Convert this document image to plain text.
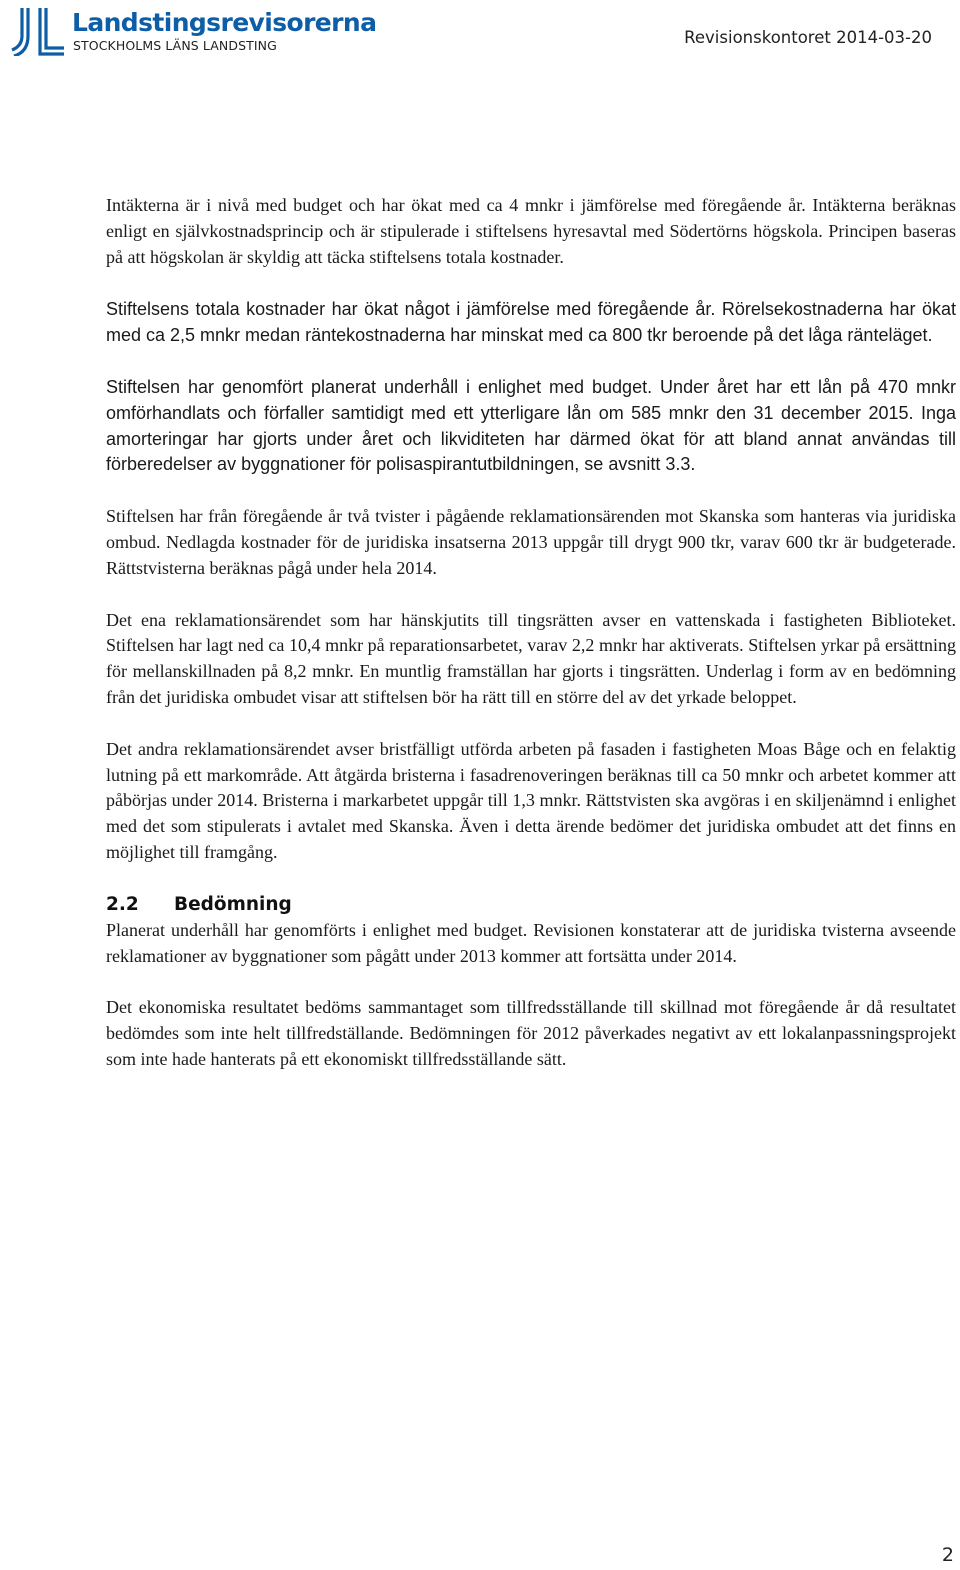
Landstingsrevisorerna
STOCKHOLMS LÄNS LANDSTING	Revisionskontoret 2014-03-20

Intäkterna är i nivå med budget och har ökat med ca 4 mnkr i jämförelse med föregående år. Intäkterna beräknas enligt en självkostnadsprincip och är stipulerade i stiftelsens hyresavtal med Södertörns högskola. Principen baseras på att högskolan är skyldig att täcka stiftelsens totala kostnader.

Stiftelsens totala kostnader har ökat något i jämförelse med föregående år. Rörelsekostnaderna har ökat med ca 2,5 mnkr medan räntekostnaderna har minskat med ca 800 tkr beroende på det låga ränteläget.

Stiftelsen har genomfört planerat underhåll i enlighet med budget. Under året har ett lån på 470 mnkr omförhandlats och förfaller samtidigt med ett ytterligare lån om 585 mnkr den 31 december 2015. Inga amorteringar har gjorts under året och likviditeten har därmed ökat för att bland annat användas till förberedelser av byggnationer för polisaspirantutbildningen, se avsnitt 3.3.

Stiftelsen har från föregående år två tvister i pågående reklamationsärenden mot Skanska som hanteras via juridiska ombud. Nedlagda kostnader för de juridiska insatserna 2013 uppgår till drygt 900 tkr, varav 600 tkr är budgeterade. Rättstvisterna beräknas pågå under hela 2014.

Det ena reklamationsärendet som har hänskjutits till tingsrätten avser en vattenskada i fastigheten Biblioteket. Stiftelsen har lagt ned ca 10,4 mnkr på reparationsarbetet, varav 2,2 mnkr har aktiverats. Stiftelsen yrkar på ersättning för mellanskillnaden på 8,2 mnkr. En muntlig framställan har gjorts i tingsrätten. Underlag i form av en bedömning från det juridiska ombudet visar att stiftelsen bör ha rätt till en större del av det yrkade beloppet.

Det andra reklamationsärendet avser bristfälligt utförda arbeten på fasaden i fastigheten Moas Båge och en felaktig lutning på ett markområde. Att åtgärda bristerna i fasadrenoveringen beräknas till ca 50 mnkr och arbetet kommer att påbörjas under 2014. Bristerna i markarbetet uppgår till 1,3 mnkr. Rättstvisten ska avgöras i en skiljenämnd i enlighet med det som stipulerats i avtalet med Skanska. Även i detta ärende bedömer det juridiska ombudet att det finns en möjlighet till framgång.

2.2 Bedömning

Planerat underhåll har genomförts i enlighet med budget. Revisionen konstaterar att de juridiska tvisterna avseende reklamationer av byggnationer som pågått under 2013 kommer att fortsätta under 2014.

Det ekonomiska resultatet bedöms sammantaget som tillfredsställande till skillnad mot föregående år då resultatet bedömdes som inte helt tillfredställande. Bedömningen för 2012 påverkades negativt av ett lokalanpassningsprojekt som inte hade hanterats på ett ekonomiskt tillfredsställande sätt.

2
